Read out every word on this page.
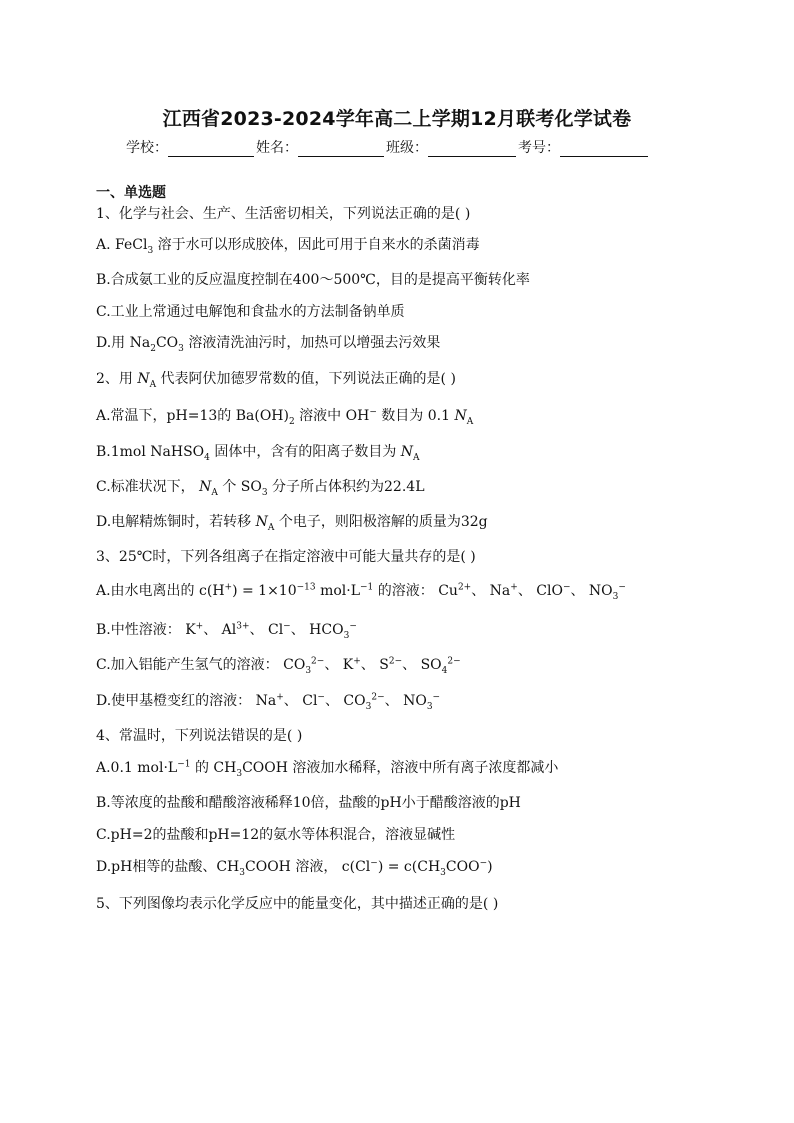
江西省2023-2024学年高二上学期12月联考化学试卷
学校：	姓名：	班级：	考号：
一、单选题
1、化学与社会、生产、生活密切相关，下列说法正确的是( )
A. FeCl$_3$ 溶于水可以形成胶体，因此可用于自来水的杀菌消毒
B.合成氨工业的反应温度控制在400～500℃，目的是提高平衡转化率
C.工业上常通过电解饱和食盐水的方法制备钠单质
D.用 $Na_2CO_3$ 溶液清洗油污时，加热可以增强去污效果
2、用 $N_A$ 代表阿伏加德罗常数的值，下列说法正确的是( )
A.常温下，pH=13的 $Ba(OH)_2$ 溶液中 OH− 数目为 0.1 $N_A$
B.1mol NaHSO$_4$ 固体中，含有的阳离子数目为 $N_A$
C.标准状况下， $N_A$ 个 $SO_3$ 分子所占体积约为22.4L
D.电解精炼铜时，若转移 $N_A$ 个电子，则阳极溶解的质量为32g
3、25℃时，下列各组离子在指定溶液中可能大量共存的是( )
A.由水电离出的 $c(H^+) = 1\times 10^{-13}$ $mol\cdot L^{-1}$ 的溶液： $Cu^{2+}$、 Na+、 ClO−、 $NO_3^-$
B.中性溶液： K+、 $Al^{3+}$、 Cl−、 $HCO_3^-$
C.加入铝能产生氢气的溶液： $CO_3^{2-}$、 K+、 $S^{2-}$、 $SO_4^{2-}$
D.使甲基橙变红的溶液： Na+、 Cl−、 $CO_3^{2-}$、 $NO_3^-$
4、常温时，下列说法错误的是( )
A.0.1 $mol\cdot L^{-1}$ 的 $CH_3COOH$ 溶液加水稀释，溶液中所有离子浓度都减小
B.等浓度的盐酸和醋酸溶液稀释10倍，盐酸的pH小于醋酸溶液的pH
C.pH=2的盐酸和pH=12的氨水等体积混合，溶液显碱性
D.pH相等的盐酸、$CH_3COOH$ 溶液， $c(Cl^-) = c(CH_3COO^-)$
5、下列图像均表示化学反应中的能量变化，其中描述正确的是( )
